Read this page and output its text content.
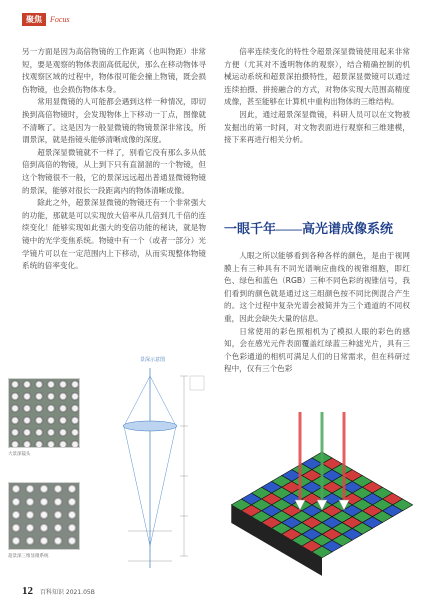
聚焦	Focus

另一方面是因为高倍物镜的工作距离（也叫物距）非常短，要是观察的物体表面高低起伏，那么在移动物体寻找观察区域的过程中，物体很可能会撞上物镜，既会损伤物镜，也会损伤物体本身。

常用显微镜的人可能都会遇到这样一种情况，即切换到高倍物镜时，会发现物体上下移动一丁点，图像就不清晰了。这是因为一般显微镜的物镜景深非常浅，所谓景深，就是指镜头能够清晰成像的深度。

超景深显微镜就不一样了，别看它没有那么多从低倍到高倍的物镜，从上到下只有直溜溜的一个物镜，但这个物镜很不一般，它的景深远远超出普通显微镜物镜的景深，能够对很长一段距离内的物体清晰成像。

除此之外，超景深显微镜的物镜还有一个非常强大的功能，那就是可以实现放大倍率从几倍到几千倍的连续变化！能够实现如此强大的变倍功能的秘诀，就是物镜中的光学变焦系统。物镜中有一个（或者一部分）光学镜片可以在一定范围内上下移动，从而实现整体物镜系统的倍率变化。

倍率连续变化的特性令超景深显微镜使用起来非常方便（尤其对不透明物体的观察），结合精确控制的机械运动系统和超景深拍摄特性，超景深显微镜可以通过连续拍摄、拼接融合的方式，对物体实现大范围高精度成像，甚至能够在计算机中重构出物体的三维结构。

因此，通过超景深显微镜，科研人员可以在文物被发掘出的第一时间，对文物表面进行观察和三维建模，接下来再进行相关分析。

一眼千年——高光谱成像系统

人眼之所以能够看到各种各样的颜色，是由于视网膜上有三种具有不同光谱响应曲线的视锥细胞，即红色、绿色和蓝色（RGB）三种不同色彩的视锥信号，我们看到的颜色就是通过这三组颜色按不同比例混合产生的。这个过程中复杂光谱会被简并为三个通道的不同权重，因此会缺失大量的信息。

日常使用的彩色照相机为了模拟人眼的彩色的感知，会在感光元件表面覆盖红绿蓝三种滤光片，具有三个色彩通道的相机可满足人们的日常需求，但在科研过程中，仅有三个色彩

大景深镜头
超景深三维显微系统
景深示意图
12 百科知识 2021.05B
